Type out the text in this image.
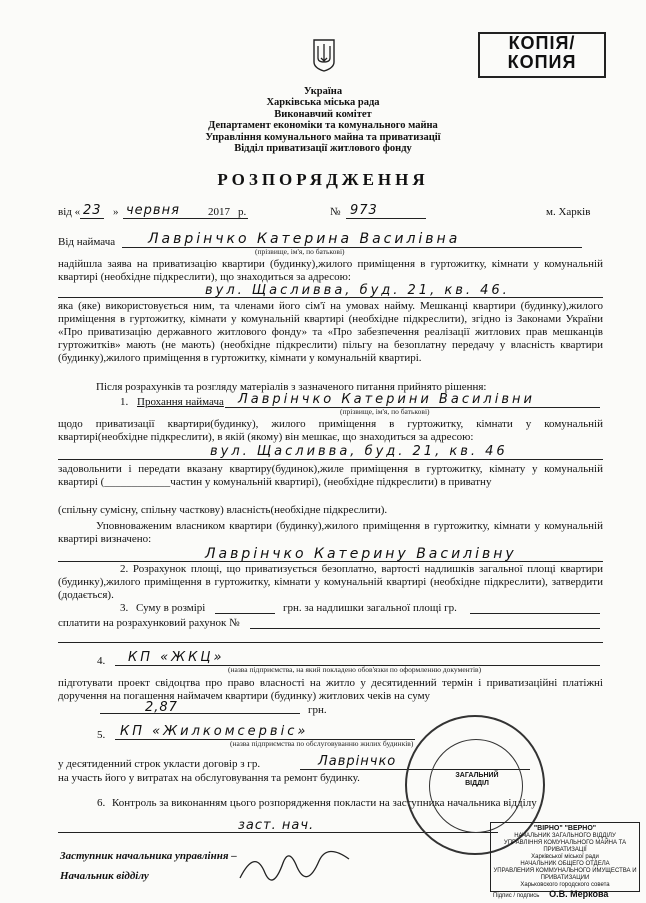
КОПІЯ/
КОПИЯ
Україна
Харківська міська рада
Виконавчий комітет
Департамент економіки та комунального майна
Управління комунального майна та приватизації
Відділ приватизації житлового фонду
РОЗПОРЯДЖЕННЯ
від « 23 » червня	2017 р.	№ 973	м. Харків
Від наймача Лаврінчко Катерина Василівна
(прізвище, ім'я, по батькові)
надійшла заява на приватизацію квартири (будинку),жилого приміщення в гуртожитку, кімнати у комунальній квартирі (необхідне підкреслити), що знаходиться за адресою:
вул. Щасливва, буд. 21, кв. 46.
яка (яке) використовується ним, та членами його сім'ї на умовах найму. Мешканці квартири (будинку),жилого приміщення в гуртожитку, кімнати у комунальній квартирі (необхідне підкреслити), згідно із Законами України «Про приватизацію державного житлового фонду» та «Про забезпечення реалізації житлових прав мешканців гуртожитків» мають (не мають) (необхідне підкреслити) пільгу на безоплатну передачу у власність квартири (будинку),жилого приміщення в гуртожитку, кімнати у комунальній квартирі.
Після розрахунків та розгляду матеріалів з зазначеного питання прийнято рішення:
1. Прохання наймача Лаврінчко Катерини Василівни
(прізвище, ім'я, по батькові)
щодо приватизації квартири(будинку), жилого приміщення в гуртожитку, кімнати у комунальній квартирі(необхідне підкреслити), в якій (якому) він мешкає, що знаходиться за адресою:
вул. Щасливва, буд. 21, кв. 46
задовольнити і передати вказану квартиру(будинок),жиле приміщення в гуртожитку, кімнату у комунальній квартирі (____________частин у комунальній квартирі), (необхідне підкреслити) в приватну
(спільну сумісну, спільну часткову) власність(необхідне підкреслити).
Уповноваженим власником квартири (будинку),жилого приміщення в гуртожитку, кімнати у комунальній квартирі визначено:
Лаврінчко Катерину Василівну
2. Розрахунок площі, що приватизується безоплатно, вартості надлишків загальної площі квартири (будинку),жилого приміщення в гуртожитку, кімнати у комунальній квартирі (необхідне підкреслити), затвердити (додається).
3. Суму в розмірі	грн. за надлишки загальної площі гр.
сплатити на розрахунковий рахунок №
4. КП «ЖКЦ»
(назва підприємства, на який покладено обов'язки по оформленню документів)
підготувати проект свідоцтва про право власності на житло у десятиденний термін і приватизаційні платіжні доручення на погашення наймачем квартири (будинку) житлових чеків на суму
2,87	грн.
5. КП «Жилкомсервіс»
(назва підприємства по обслуговуванню жилих будинків)
у десятиденний строк укласти договір з гр.	Лаврінчко
на участь його у витратах на обслуговування та ремонт будинку.
6. Контроль за виконанням цього розпорядження покласти на заступника начальника відділу
заст. нач.
Заступник начальника управління –
Начальник відділу
ЗАГАЛЬНИЙ ВІДДІЛ
"ВІРНО" "ВЕРНО"
НАЧАЛЬНИК ЗАГАЛЬНОГО ВІДДІЛУ
УПРАВЛІННЯ КОМУНАЛЬНОГО МАЙНА ТА ПРИВАТИЗАЦІЇ
Харківської міської ради
НАЧАЛЬНИК ОБЩЕГО ОТДЕЛА
УПРАВЛЕНИЯ КОММУНАЛЬНОГО ИМУЩЕСТВА И ПРИВАТИЗАЦИИ
Харьковского городского совета
Підпис / подпись О.В. Меркова
